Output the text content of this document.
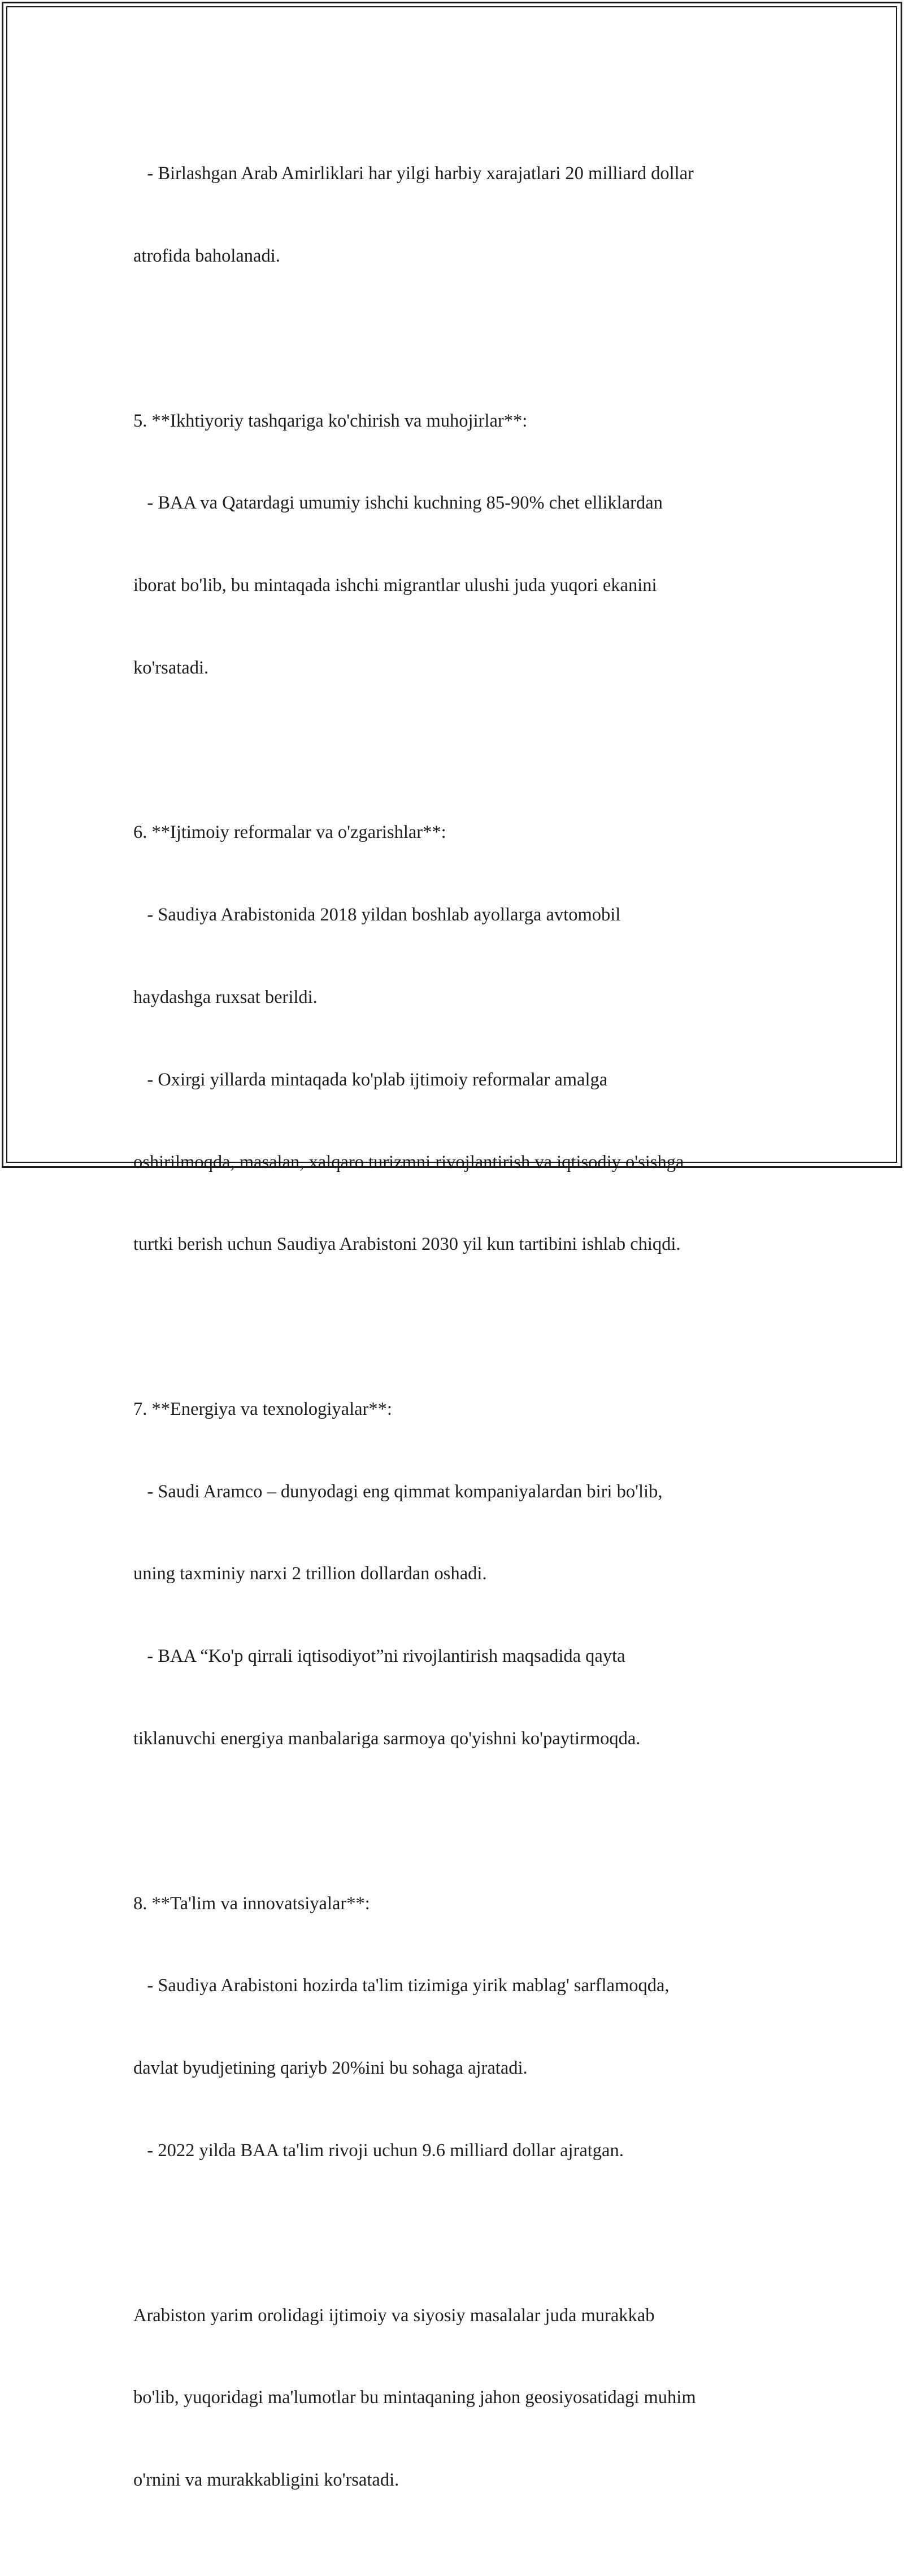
- Birlashgan Arab Amirliklari har yilgi harbiy xarajatlari 20 milliard dollar

atrofida baholanadi.

5. **Ikhtiyoriy tashqariga ko'chirish va muhojirlar**:

- BAA va Qatardagi umumiy ishchi kuchning 85-90% chet elliklardan

iborat bo'lib, bu mintaqada ishchi migrantlar ulushi juda yuqori ekanini

ko'rsatadi.

6. **Ijtimoiy reformalar va o'zgarishlar**:

- Saudiya Arabistonida 2018 yildan boshlab ayollarga avtomobil

haydashga ruxsat berildi.

- Oxirgi yillarda mintaqada ko'plab ijtimoiy reformalar amalga

oshirilmoqda, masalan, xalqaro turizmni rivojlantirish va iqtisodiy o'sishga

turtki berish uchun Saudiya Arabistoni 2030 yil kun tartibini ishlab chiqdi.

7. **Energiya va texnologiyalar**:

- Saudi Aramco – dunyodagi eng qimmat kompaniyalardan biri bo'lib,

uning taxminiy narxi 2 trillion dollardan oshadi.

- BAA “Ko'p qirrali iqtisodiyot”ni rivojlantirish maqsadida qayta

tiklanuvchi energiya manbalariga sarmoya qo'yishni ko'paytirmoqda.

8. **Ta'lim va innovatsiyalar**:

- Saudiya Arabistoni hozirda ta'lim tizimiga yirik mablag' sarflamoqda,

davlat byudjetining qariyb 20%ini bu sohaga ajratadi.

- 2022 yilda BAA ta'lim rivoji uchun 9.6 milliard dollar ajratgan.

Arabiston yarim orolidagi ijtimoiy va siyosiy masalalar juda murakkab

bo'lib, yuqoridagi ma'lumotlar bu mintaqaning jahon geosiyosatidagi muhim

o'rnini va murakkabligini ko'rsatadi.
